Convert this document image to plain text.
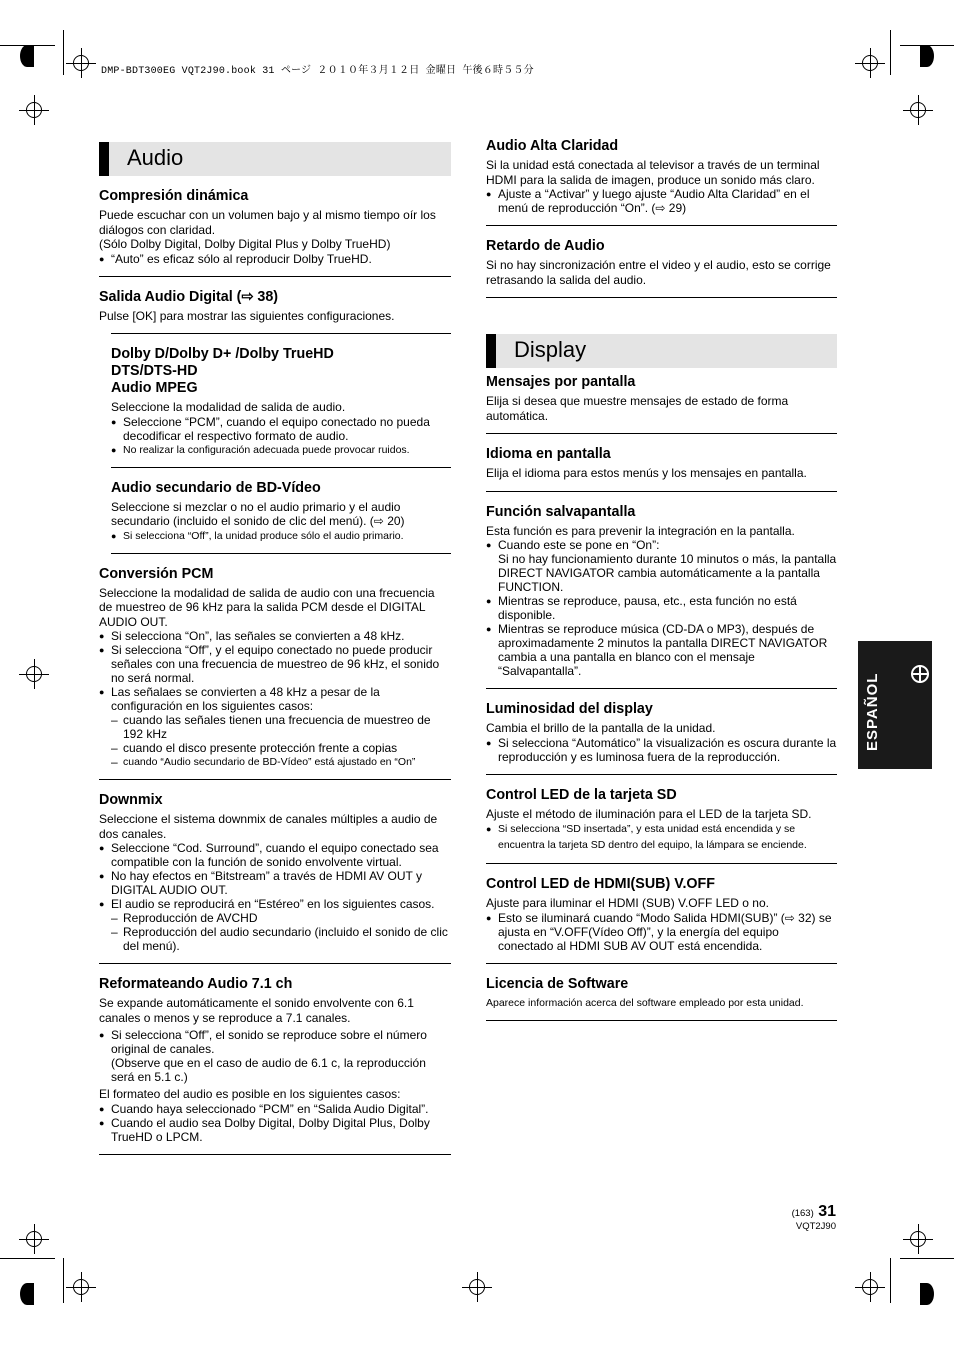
DMP-BDT300EG VQT2J90.book 31 ページ ２０１０年３月１２日 金曜日 午後６時５５分
Audio
Compresión dinámica

Puede escuchar con un volumen bajo y al mismo tiempo oír los diálogos con claridad.

(Sólo Dolby Digital, Dolby Digital Plus y Dolby TrueHD)

● “Auto” es eficaz sólo al reproducir Dolby TrueHD.
Salida Audio Digital (⇨ 38)

Pulse [OK] para mostrar las siguientes configuraciones.

Dolby D/Dolby D+ /Dolby TrueHD
DTS/DTS-HD
Audio MPEG

Seleccione la modalidad de salida de audio.

● Seleccione “PCM”, cuando el equipo conectado no pueda decodificar el respectivo formato de audio.
● No realizar la configuración adecuada puede provocar ruidos.
Audio secundario de BD-Vídeo

Seleccione si mezclar o no el audio primario y el audio secundario (incluido el sonido de clic del menú). (⇨ 20)

● Si selecciona “Off”, la unidad produce sólo el audio primario.
Conversión PCM

Seleccione la modalidad de salida de audio con una frecuencia de muestreo de 96 kHz para la salida PCM desde el DIGITAL AUDIO OUT.

● Si selecciona “On”, las señales se convierten a 48 kHz.
● Si selecciona “Off”, y el equipo conectado no puede producir señales con una frecuencia de muestreo de 96 kHz, el sonido no será normal.
● Las señalaes se convierten a 48 kHz a pesar de la configuración en los siguientes casos:
– cuando las señales tienen una frecuencia de muestreo de 192 kHz
– cuando el disco presente protección frente a copias
– cuando “Audio secundario de BD-Vídeo” está ajustado en “On”
Downmix

Seleccione el sistema downmix de canales múltiples a audio de dos canales.

● Seleccione “Cod. Surround”, cuando el equipo conectado sea compatible con la función de sonido envolvente virtual.
● No hay efectos en “Bitstream” a través de HDMI AV OUT y DIGITAL AUDIO OUT.
● El audio se reproducirá en “Estéreo” en los siguientes casos.
– Reproducción de AVCHD
– Reproducción del audio secundario (incluido el sonido de clic del menú).
Reformateando Audio 7.1 ch

Se expande automáticamente el sonido envolvente con 6.1 canales o menos y se reproduce a 7.1 canales.

● Si selecciona “Off”, el sonido se reproduce sobre el número original de canales.
(Observe que en el caso de audio de 6.1 c, la reproducción será en 5.1 c.)

El formateo del audio es posible en los siguientes casos:

● Cuando haya seleccionado “PCM” en “Salida Audio Digital”.
● Cuando el audio sea Dolby Digital, Dolby Digital Plus, Dolby TrueHD o LPCM.
Audio Alta Claridad

Si la unidad está conectada al televisor a través de un terminal HDMI para la salida de imagen, produce un sonido más claro.

● Ajuste a “Activar” y luego ajuste “Audio Alta Claridad” en el menú de reproducción “On”. (⇨ 29)
Retardo de Audio

Si no hay sincronización entre el video y el audio, esto se corrige retrasando la salida del audio.

Display
Mensajes por pantalla

Elija si desea que muestre mensajes de estado de forma automática.

Idioma en pantalla

Elija el idioma para estos menús y los mensajes en pantalla.

Función salvapantalla

Esta función es para prevenir la integración en la pantalla.

● Cuando este se pone en “On”:
Si no hay funcionamiento durante 10 minutos o más, la pantalla DIRECT NAVIGATOR cambia automáticamente a la pantalla FUNCTION.
● Mientras se reproduce, pausa, etc., esta función no está disponible.
● Mientras se reproduce música (CD-DA o MP3), después de aproximadamente 2 minutos la pantalla DIRECT NAVIGATOR cambia a una pantalla en blanco con el mensaje “Salvapantalla”.
Luminosidad del display

Cambia el brillo de la pantalla de la unidad.

● Si selecciona “Automático” la visualización es oscura durante la reproducción y es luminosa fuera de la reproducción.
Control LED de la tarjeta SD

Ajuste el método de iluminación para el LED de la tarjeta SD.

● Si selecciona “SD insertada”, y esta unidad está encendida y se encuentra la tarjeta SD dentro del equipo, la lámpara se enciende.
Control LED de HDMI(SUB) V.OFF

Ajuste para iluminar el HDMI (SUB) V.OFF LED o no.

● Esto se iluminará cuando “Modo Salida HDMI(SUB)” (⇨ 32) se ajusta en “V.OFF(Vídeo Off)”, y la energía del equipo conectado al HDMI SUB AV OUT está encendida.
Licencia de Software

Aparece información acerca del software empleado por esta unidad.

ESPAÑOL
(163) 31
VQT2J90
